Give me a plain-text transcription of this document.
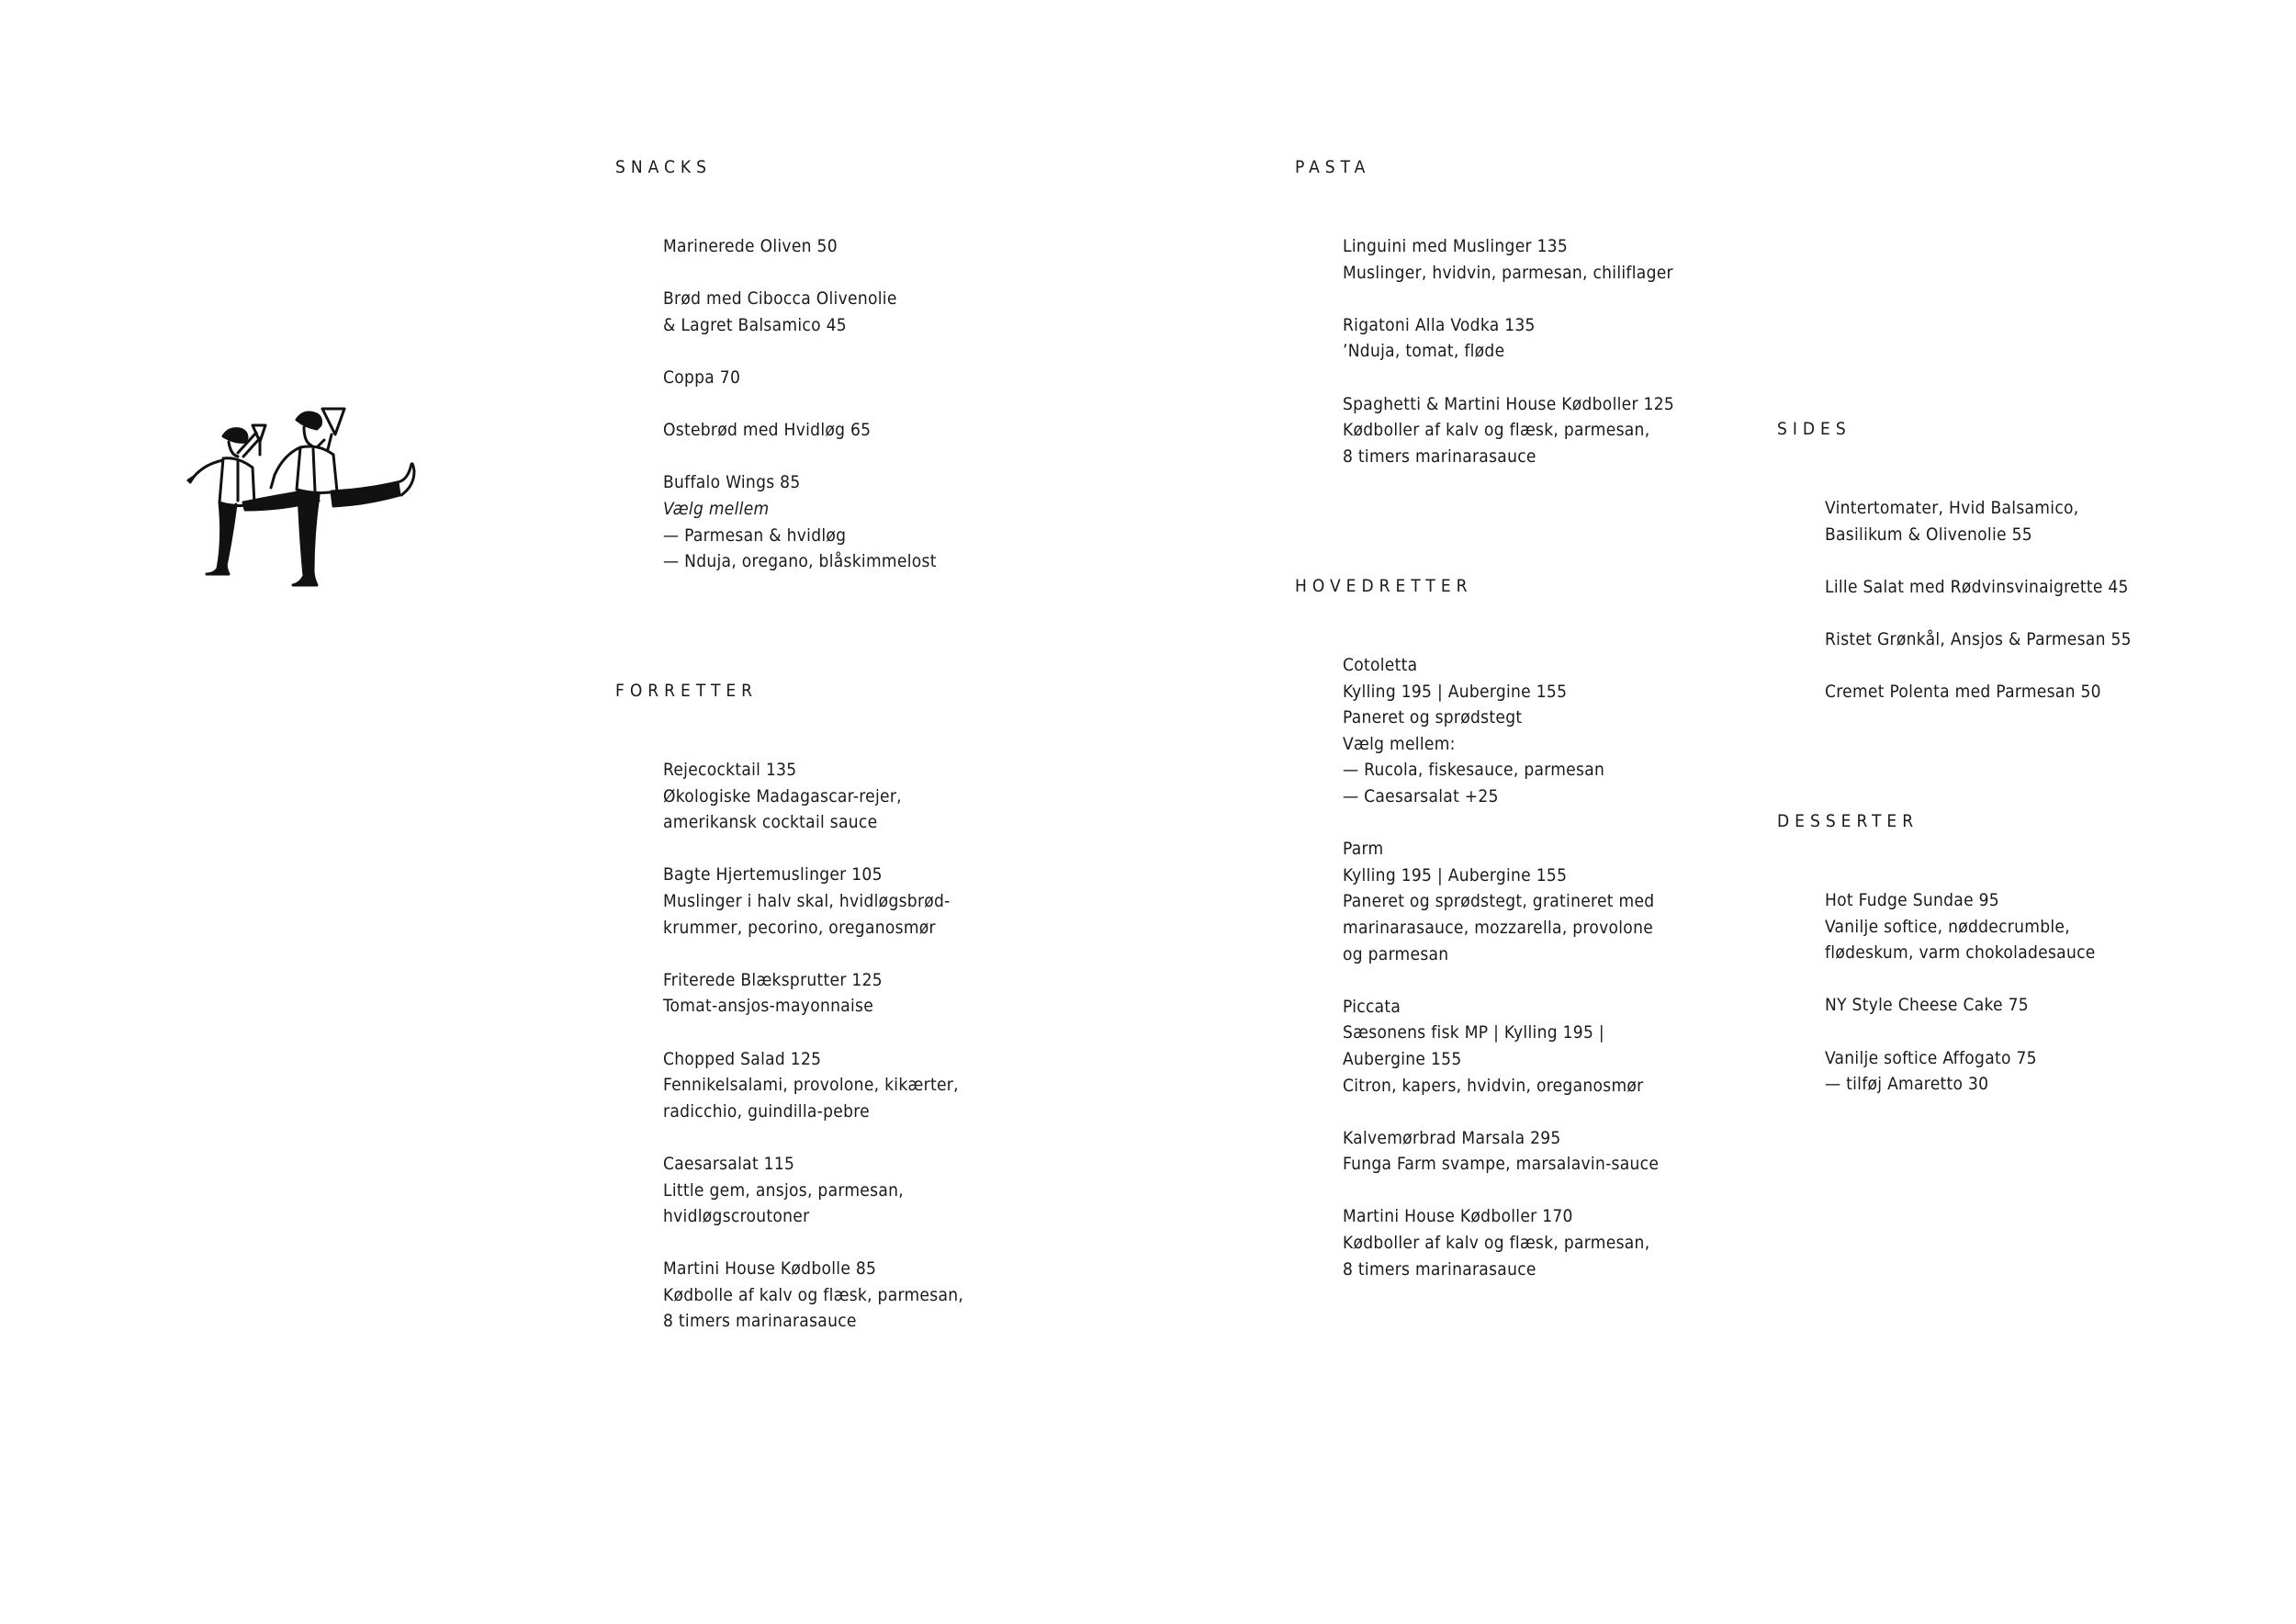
SNACKS
Marinerede Oliven 50
Brød med Cibocca Olivenolie
& Lagret Balsamico 45
Coppa 70
Ostebrød med Hvidløg 65
Buffalo Wings 85
Vælg mellem
— Parmesan & hvidløg
— Nduja, oregano, blåskimmelost
FORRETTER
Rejecocktail 135
Økologiske Madagascar-rejer,
amerikansk cocktail sauce
Bagte Hjertemuslinger 105
Muslinger i halv skal, hvidløgsbrød-
krummer, pecorino, oreganosmør
Friterede Blæksprutter 125
Tomat-ansjos-mayonnaise
Chopped Salad 125
Fennikelsalami, provolone, kikærter,
radicchio, guindilla-pebre
Caesarsalat 115
Little gem, ansjos, parmesan,
hvidløgscroutoner
Martini House Kødbolle 85
Kødbolle af kalv og flæsk, parmesan,
8 timers marinarasauce
PASTA
Linguini med Muslinger 135
Muslinger, hvidvin, parmesan, chiliflager
Rigatoni Alla Vodka 135
’Nduja, tomat, fløde
Spaghetti & Martini House Kødboller 125
Kødboller af kalv og flæsk, parmesan,
8 timers marinarasauce
HOVEDRETTER
Cotoletta
Kylling 195 | Aubergine 155
Paneret og sprødstegt
Vælg mellem:
— Rucola, fiskesauce, parmesan
— Caesarsalat +25
Parm
Kylling 195 | Aubergine 155
Paneret og sprødstegt, gratineret med
marinarasauce, mozzarella, provolone
og parmesan
Piccata
Sæsonens fisk MP | Kylling 195 |
Aubergine 155
Citron, kapers, hvidvin, oreganosmør
Kalvemørbrad Marsala 295
Funga Farm svampe, marsalavin-sauce
Martini House Kødboller 170
Kødboller af kalv og flæsk, parmesan,
8 timers marinarasauce
SIDES
Vintertomater, Hvid Balsamico,
Basilikum & Olivenolie 55
Lille Salat med Rødvinsvinaigrette 45
Ristet Grønkål, Ansjos & Parmesan 55
Cremet Polenta med Parmesan 50
DESSERTER
Hot Fudge Sundae 95
Vanilje softice, nøddecrumble,
flødeskum, varm chokoladesauce
NY Style Cheese Cake 75
Vanilje softice Affogato 75
— tilføj Amaretto 30
